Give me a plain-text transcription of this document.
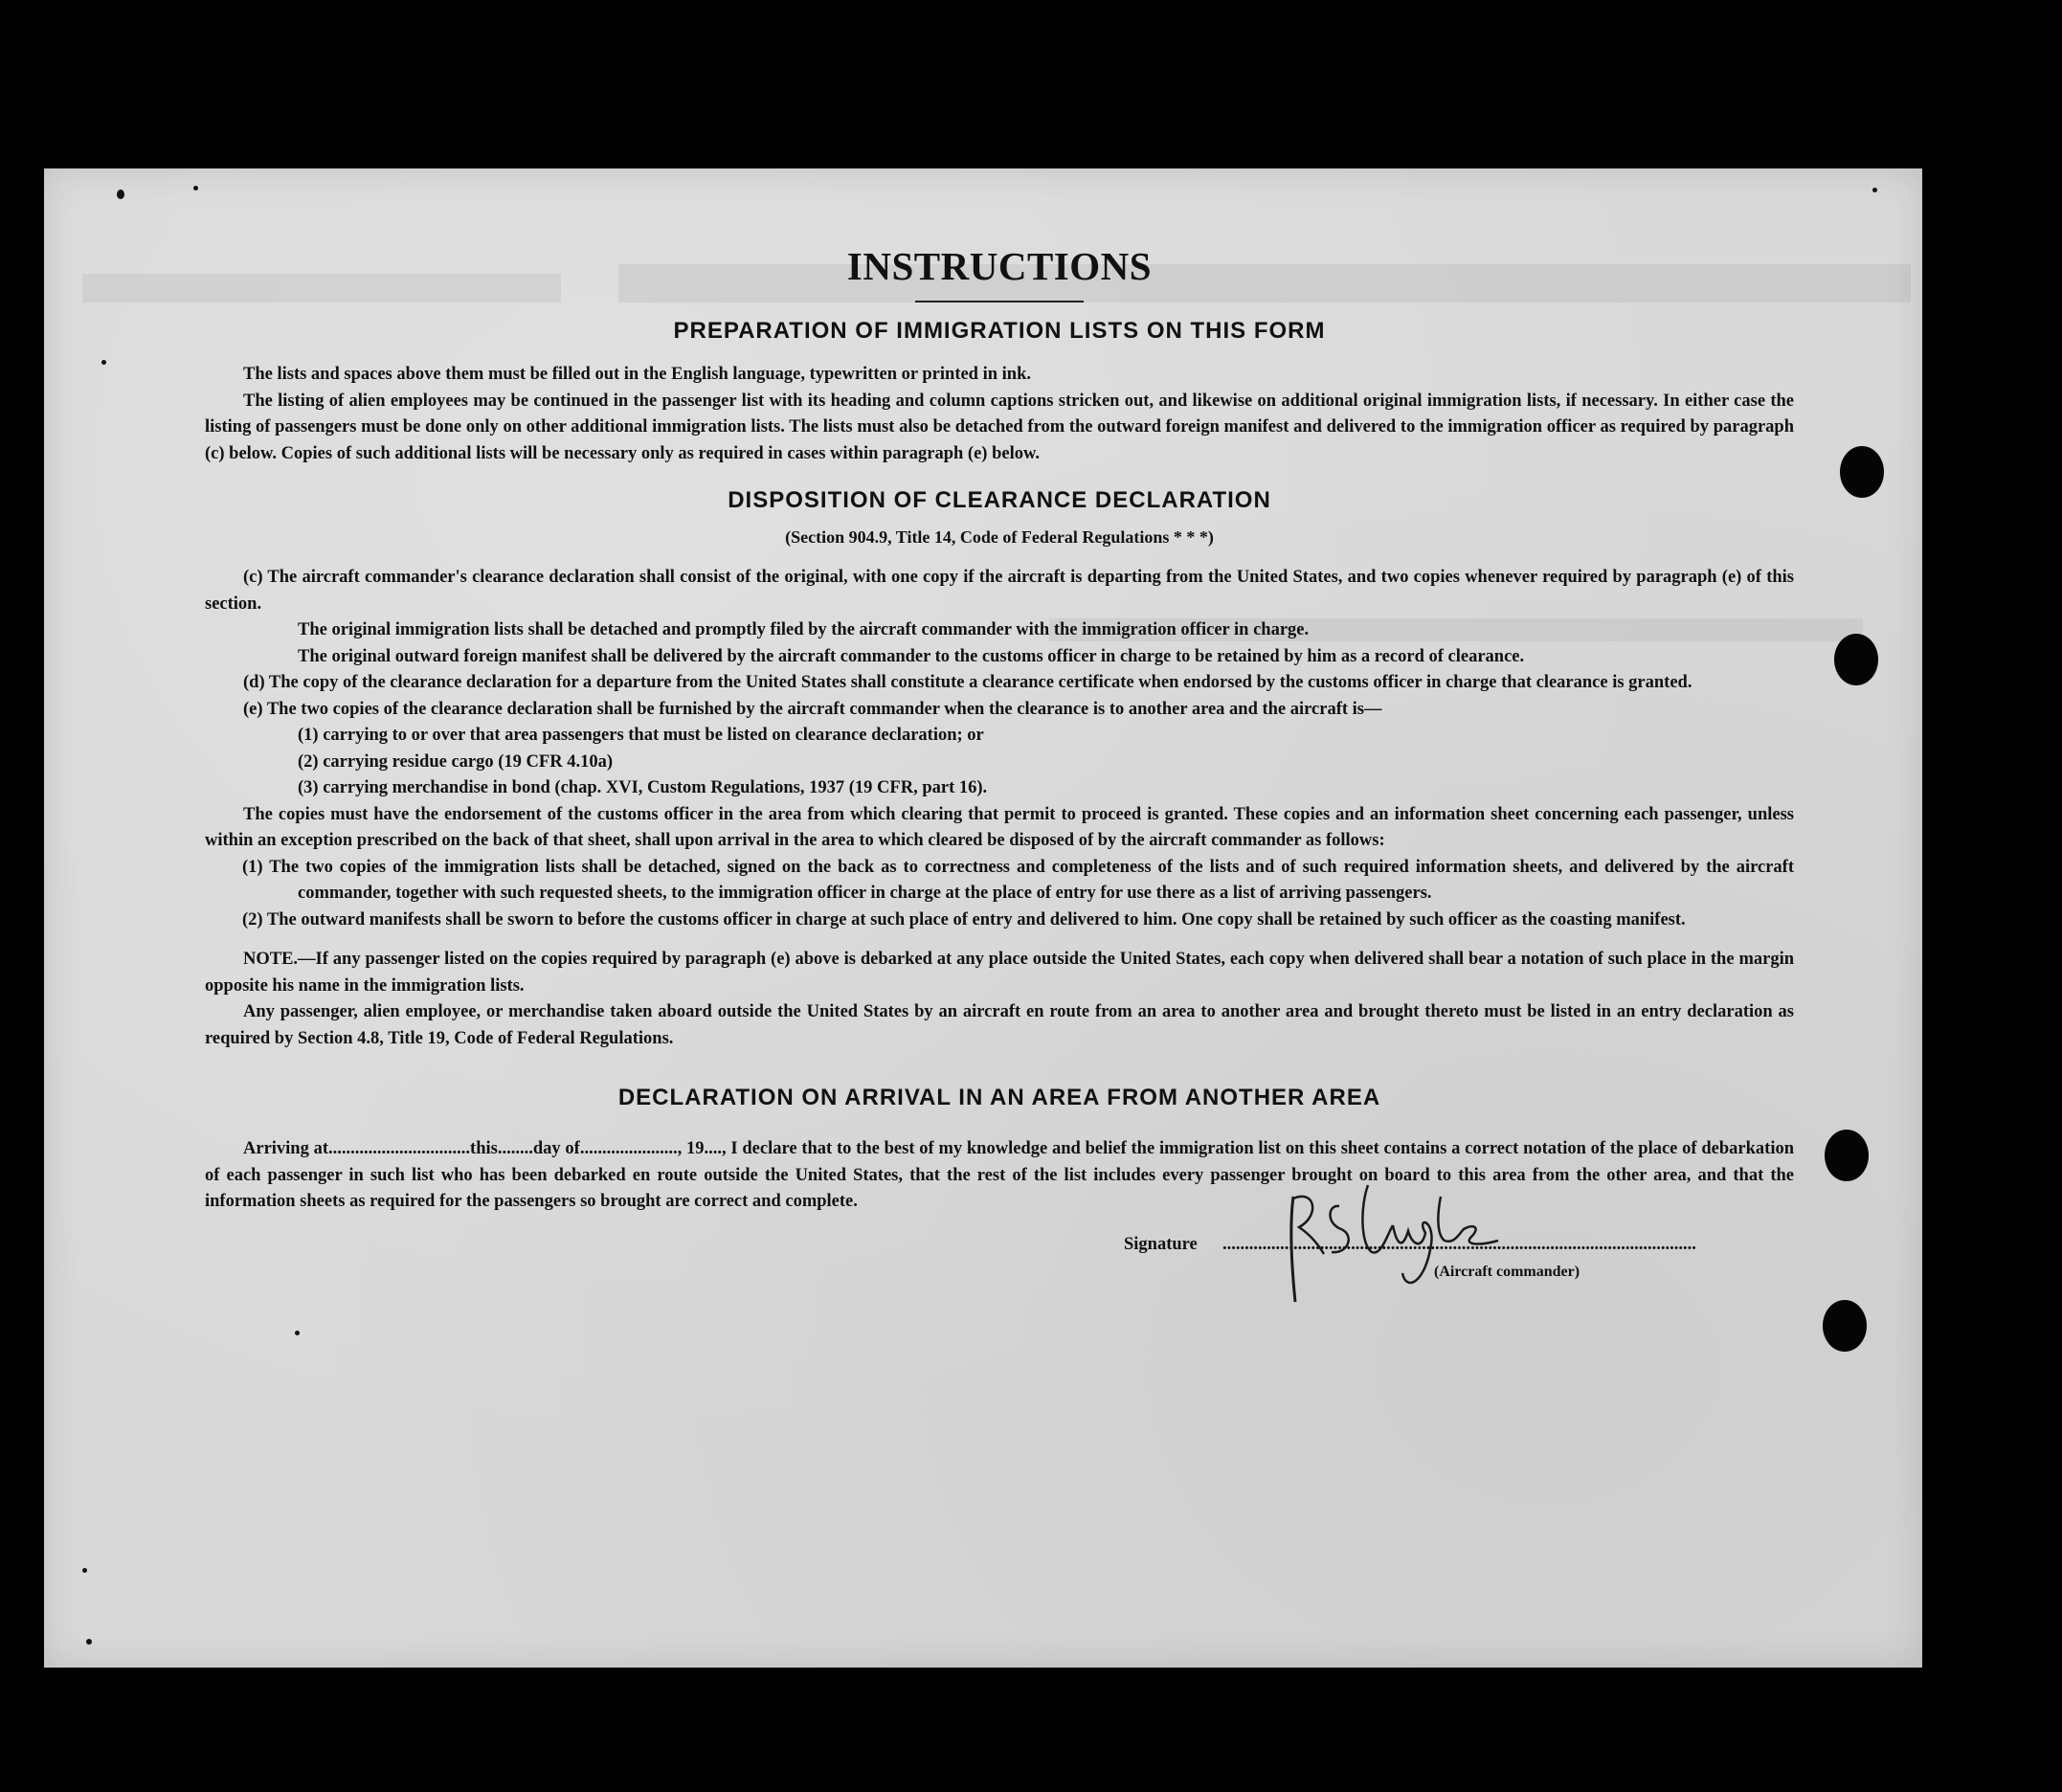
INSTRUCTIONS
PREPARATION OF IMMIGRATION LISTS ON THIS FORM

The lists and spaces above them must be filled out in the English language, typewritten or printed in ink.

The listing of alien employees may be continued in the passenger list with its heading and column captions stricken out, and likewise on additional original immigration lists, if necessary. In either case the listing of passengers must be done only on other additional immigration lists. The lists must also be detached from the outward foreign manifest and delivered to the immigration officer as required by paragraph (c) below. Copies of such additional lists will be necessary only as required in cases within paragraph (e) below.

DISPOSITION OF CLEARANCE DECLARATION
(Section 904.9, Title 14, Code of Federal Regulations * * *)

(c) The aircraft commander's clearance declaration shall consist of the original, with one copy if the aircraft is departing from the United States, and two copies whenever required by paragraph (e) of this section.

The original immigration lists shall be detached and promptly filed by the aircraft commander with the immigration officer in charge.

The original outward foreign manifest shall be delivered by the aircraft commander to the customs officer in charge to be retained by him as a record of clearance.

(d) The copy of the clearance declaration for a departure from the United States shall constitute a clearance certificate when endorsed by the customs officer in charge that clearance is granted.

(e) The two copies of the clearance declaration shall be furnished by the aircraft commander when the clearance is to another area and the aircraft is—

(1) carrying to or over that area passengers that must be listed on clearance declaration; or

(2) carrying residue cargo (19 CFR 4.10a)

(3) carrying merchandise in bond (chap. XVI, Custom Regulations, 1937 (19 CFR, part 16).

The copies must have the endorsement of the customs officer in the area from which clearing that permit to proceed is granted. These copies and an information sheet concerning each passenger, unless within an exception prescribed on the back of that sheet, shall upon arrival in the area to which cleared be disposed of by the aircraft commander as follows:

(1) The two copies of the immigration lists shall be detached, signed on the back as to correctness and completeness of the lists and of such required information sheets, and delivered by the aircraft commander, together with such requested sheets, to the immigration officer in charge at the place of entry for use there as a list of arriving passengers.

(2) The outward manifests shall be sworn to before the customs officer in charge at such place of entry and delivered to him. One copy shall be retained by such officer as the coasting manifest.

NOTE.—If any passenger listed on the copies required by paragraph (e) above is debarked at any place outside the United States, each copy when delivered shall bear a notation of such place in the margin opposite his name in the immigration lists.

Any passenger, alien employee, or merchandise taken aboard outside the United States by an aircraft en route from an area to another area and brought thereto must be listed in an entry declaration as required by Section 4.8, Title 19, Code of Federal Regulations.

DECLARATION ON ARRIVAL IN AN AREA FROM ANOTHER AREA

Arriving at................................this........day of......................, 19...., I declare that to the best of my knowledge and belief the immigration list on this sheet contains a correct notation of the place of debarkation of each passenger in such list who has been debarked en route outside the United States, that the rest of the list includes every passenger brought on board to this area from the other area, and that the information sheets as required for the passengers so brought are correct and complete.

Signature ...........................................................................................................
(Aircraft commander)
